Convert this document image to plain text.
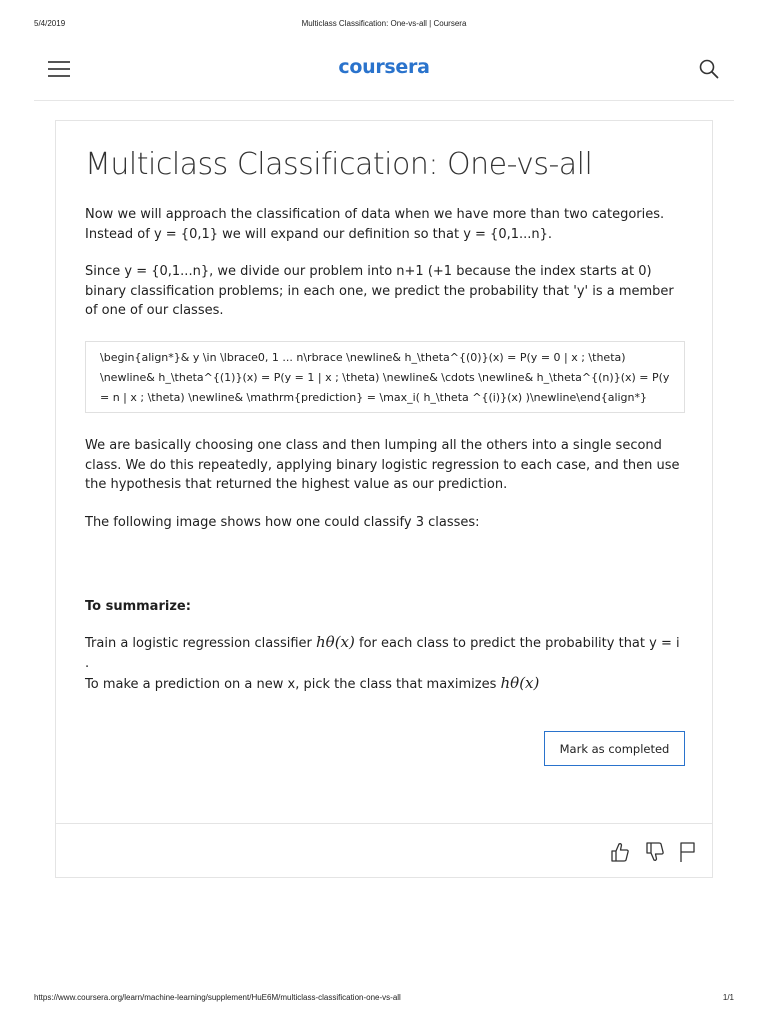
5/4/2019	Multiclass Classification: One-vs-all | Coursera
coursera
Multiclass Classification: One-vs-all

Now we will approach the classification of data when we have more than two categories. Instead of y = {0,1} we will expand our definition so that y = {0,1...n}.

Since y = {0,1...n}, we divide our problem into n+1 (+1 because the index starts at 0) binary classification problems; in each one, we predict the probability that 'y' is a member of one of our classes.

\begin{align*}& y \in \lbrace0, 1 ... n\rbrace \newline& h_\theta^{(0)}(x) = P(y = 0 | x ; \theta) \newline& h_\theta^{(1)}(x) = P(y = 1 | x ; \theta) \newline& \cdots \newline& h_\theta^{(n)}(x) = P(y = n | x ; \theta) \newline& \mathrm{prediction} = \max_i( h_\theta ^{(i)}(x) )\newline\end{align*}

We are basically choosing one class and then lumping all the others into a single second class. We do this repeatedly, applying binary logistic regression to each case, and then use the hypothesis that returned the highest value as our prediction.

The following image shows how one could classify 3 classes:

To summarize:

Train a logistic regression classifier hθ(x) for each class to predict the probability that y = i .

To make a prediction on a new x, pick the class that maximizes hθ(x)

Mark as completed
https://www.coursera.org/learn/machine-learning/supplement/HuE6M/multiclass-classification-one-vs-all	1/1
